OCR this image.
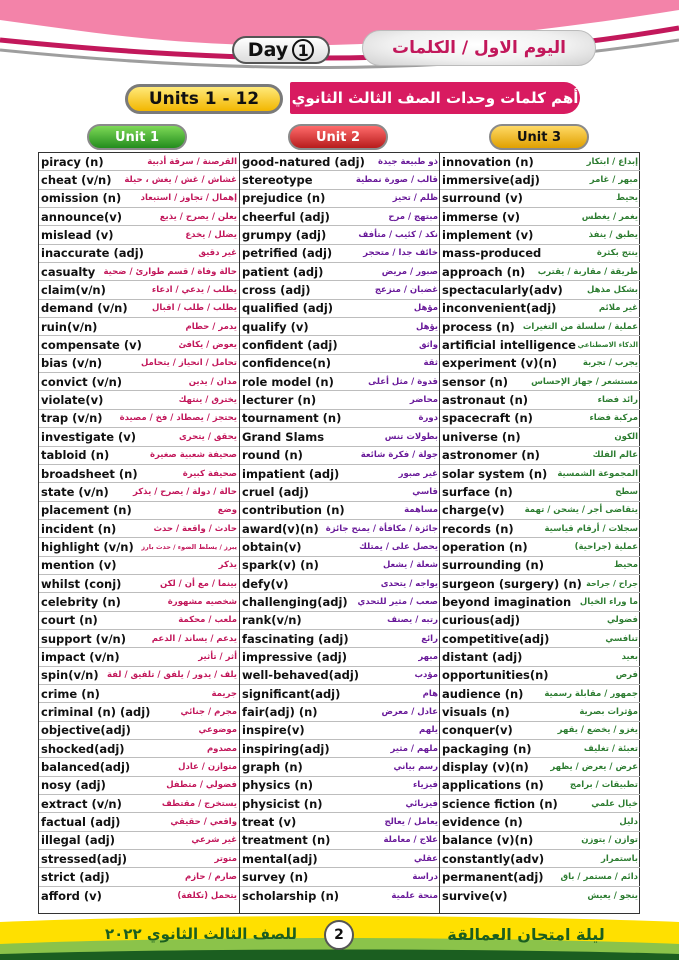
Day 1	اليوم الاول / الكلمات
Units 1 - 12	أهم كلمات وحدات الصف الثالث الثانوي
Unit 1	Unit 2	Unit 3
piracy (n)	القرصنة / سرقة أدبية
cheat (v/n) غشاش / غش / يغش ، حيلة
omission (n) إهمال / تجاوز / استبعاد
announce(v)	يعلن / يصرح / يذيع
mislead (v)	يضلل / يخدع
inaccurate (adj)	غير دقيق
casualty حالة وفاة / قسم طوارئ / ضحية
claim(v/n)	يطلب / يدعي / ادعاء
demand (v/n)	يطلب / طلب / اقبال
ruin(v/n)	يدمر / حطام
compensate (v)	يعوض / يكافئ
bias (v/n)	تحامل / انحياز / يتحامل
convict (v/n)	مدان / يدين
violate(v)	يخترق / ينتهك
trap (v/n) يحتجز / يصطاد / فخ / مصيدة
investigate (v)	يحقق / يتحرى
tabloid (n)	صحيفة شعبية صغيرة
broadsheet (n)	صحيفة كبيرة
state (v/n)	حالة / دولة / يصرح / يذكر
placement (n)	وضع
incident (n)	حادث / واقعة / حدث
highlight (v/n) يبرز / يسلط الضوء / حدث بارز
mention (v)	يذكر
whilst (conj)	بينما / مع أن / لكن
celebrity (n)	شخصيه مشهورة
court (n)	ملعب / محكمة
support (v/n)	يدعم / يساند / الدعم
impact (v/n)	أثر / تأثير
spin(v/n) يلف / يدور / يلفق / تلفيق / لفة
crime (n)	جريمة
criminal (n) (adj)	مجرم / جنائي
objective(adj)	موضوعي
shocked(adj)	مصدوم
balanced(adj)	متوازن / عادل
nosy (adj)	فضولي / متطفل
extract (v/n)	يستخرج / مقتطف
factual (adj)	واقعي / حقيقي
illegal (adj)	غير شرعي
stressed(adj)	متوتر
strict (adj)	صارم / حازم
afford (v)	يتحمل (تكلفة)
good-natured (adj) ذو طبيعة جيدة
stereotype	قالب / صورة نمطية
prejudice (n)	ظلم / تحيز
cheerful (adj)	مبتهج / مرح
grumpy (adj)	نكد / كئيب / متأفف
petrified (adj)	خائف جدا / متحجر
patient (adj)	صبور / مريض
cross (adj)	غضبان / منزعج
qualified (adj)	مؤهل
qualify (v)	يؤهل
confident (adj)	واثق
confidence(n)	ثقة
role model (n)	قدوة / مثل أعلى
lecturer (n)	محاضر
tournament (n)	دورة
Grand Slams	بطولات تنس
round (n)	جولة / فكرة شائعة
impatient (adj)	غير صبور
cruel (adj)	قاسي
contribution (n)	مساهمة
award(v)(n) جائزة / مكافأة / يمنح جائزة
obtain(v)	يحصل على / يمتلك
spark(v) (n)	شعلة / يشعل
defy(v)	يواجه / يتحدى
challenging(adj) صعب / مثير للتحدي
rank(v/n)	رتبه / يصنف
fascinating (adj)	رائع
impressive (adj)	مبهر
well-behaved(adj)	مؤدب
significant(adj)	هام
fair(adj) (n)	عادل / معرض
inspire(v)	يلهم
inspiring(adj)	ملهم / مثير
graph (n)	رسم بياني
physics (n)	فيزياء
physicist (n)	فيزيائي
treat (v)	يعامل / يعالج
treatment (n)	علاج / معاملة
mental(adj)	عقلي
survey (n)	دراسة
scholarship (n)	منحة علمية
innovation (n)	إبداع / ابتكار
immersive(adj)	مبهر / غامر
surround (v)	يحيط
immerse (v)	يغمر / يغطس
implement (v)	يطبق / ينفذ
mass-produced	ينتج بكثرة
approach (n) طريقة / مقاربة / يقترب
spectacularly(adv)	بشكل مذهل
inconvenient(adj)	غير ملائم
process (n) عملية / سلسلة من التغيرات
artificial intelligence الذكاء الاصطناعي
experiment (v)(n)	يجرب / تجربة
sensor (n)	مستشعر / جهاز الإحساس
astronaut (n)	رائد فضاء
spacecraft (n)	مركبة فضاء
universe (n)	الكون
astronomer (n)	عالم الفلك
solar system (n) المجموعة الشمسية
surface (n)	سطح
charge(v) يتقاضى أجر / يشحن / تهمة
records (n)	سجلات / أرقام قياسية
operation (n)	عملية (جراحية)
surrounding (n)	محيط
surgeon (surgery) (n) جراح / جراحة
beyond imagination ما وراء الخيال
curious(adj)	فضولي
competitive(adj)	تنافسي
distant (adj)	بعيد
opportunities(n)	فرص
audience (n) جمهور / مقابلة رسمية
visuals (n)	مؤثرات بصرية
conquer(v)	يغزو / يخضع / يقهر
packaging (n)	تعبئة / تغليف
display (v)(n)	عرض / يعرض / يظهر
applications (n)	تطبيقات / برامج
science fiction (n)	خيال علمي
evidence (n)	دليل
balance (v)(n)	توازن / يتوزن
constantly(adv)	باستمرار
permanent(adj) دائم / مستمر / باق
survive(v)	ينجو / يعيش
للصف الثالث الثانوي ٢٠٢٢	2	ليلة امتحان العمالقة
